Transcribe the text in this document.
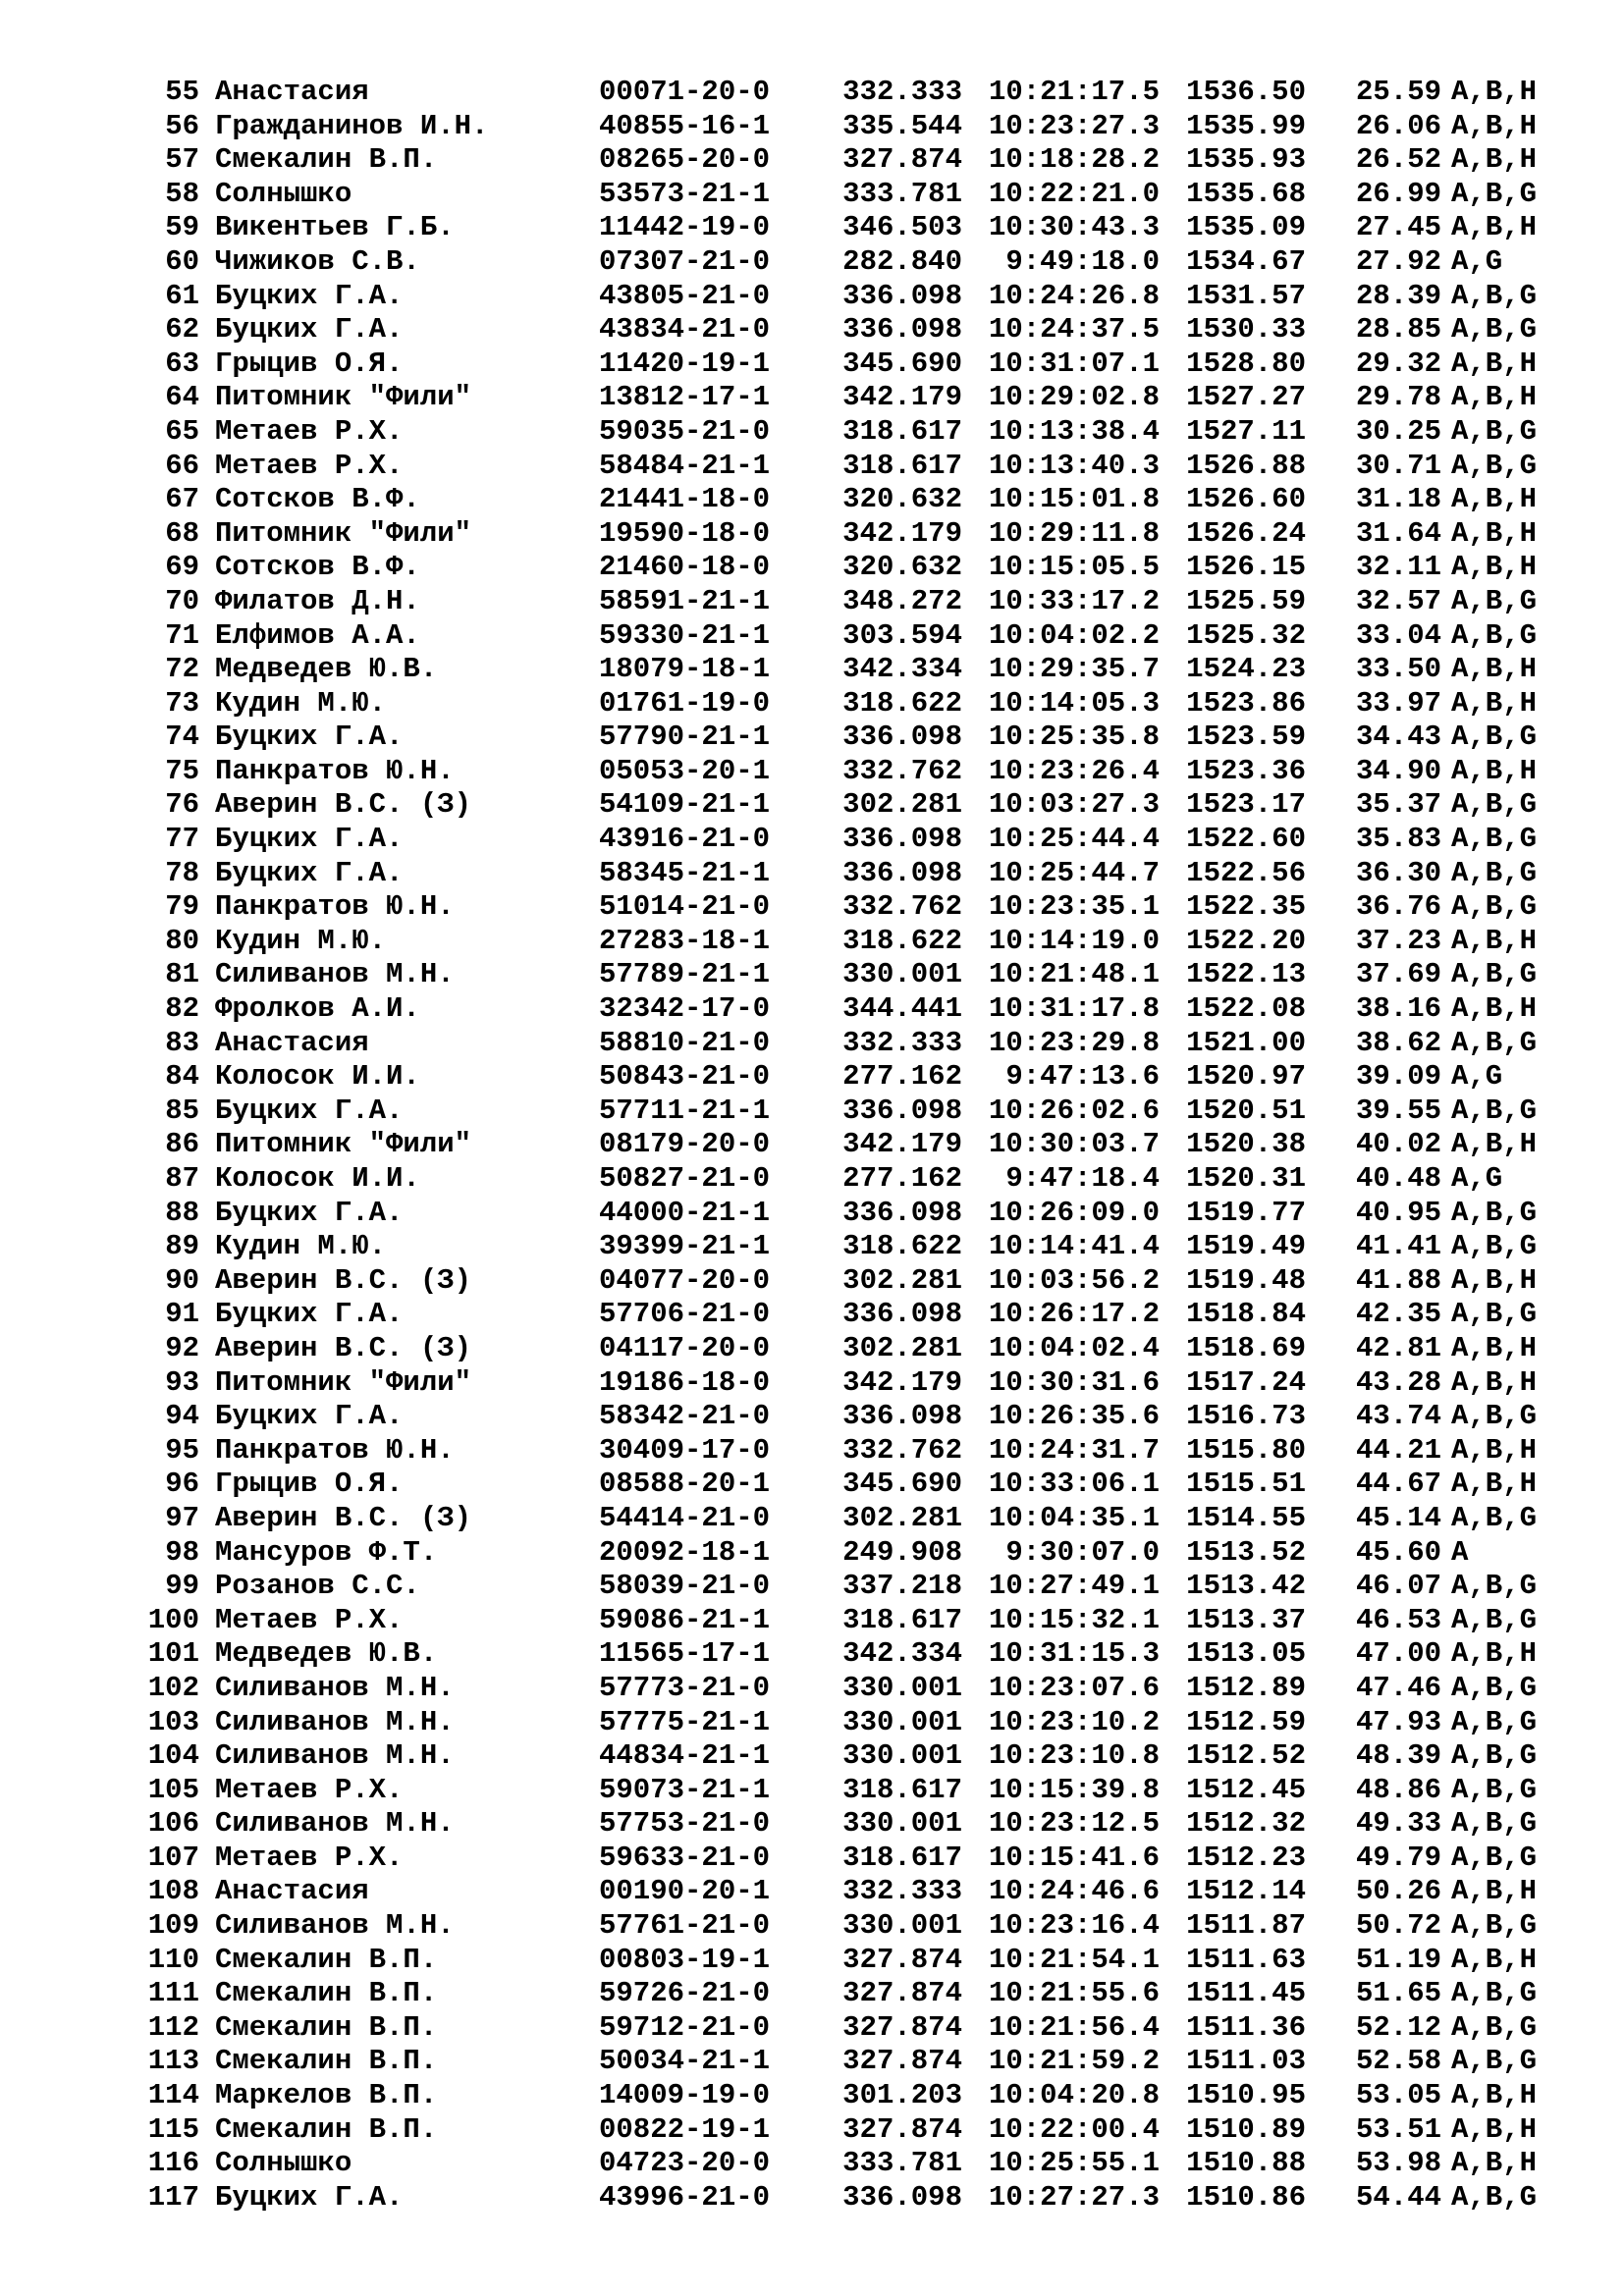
55 Анастасия	00071-20-0	332.333 10:21:17.5 1536.50 25.59 A,B,H
56 Гражданинов И.Н.	40855-16-1	335.544 10:23:27.3 1535.99 26.06 A,B,H
57 Смекалин В.П.	08265-20-0	327.874 10:18:28.2 1535.93 26.52 A,B,H
58 Солнышко	53573-21-1	333.781 10:22:21.0 1535.68 26.99 A,B,G
59 Викентьев Г.Б.	11442-19-0	346.503 10:30:43.3 1535.09 27.45 A,B,H
60 Чижиков С.В.	07307-21-0	282.840 9:49:18.0 1534.67 27.92 A,G
61 Буцких Г.А.	43805-21-0	336.098 10:24:26.8 1531.57 28.39 A,B,G
62 Буцких Г.А.	43834-21-0	336.098 10:24:37.5 1530.33 28.85 A,B,G
63 Грыцив О.Я.	11420-19-1	345.690 10:31:07.1 1528.80 29.32 A,B,H
64 Питомник "Фили"	13812-17-1	342.179 10:29:02.8 1527.27 29.78 A,B,H
65 Метаев Р.Х.	59035-21-0	318.617 10:13:38.4 1527.11 30.25 A,B,G
66 Метаев Р.Х.	58484-21-1	318.617 10:13:40.3 1526.88 30.71 A,B,G
67 Сотсков В.Ф.	21441-18-0	320.632 10:15:01.8 1526.60 31.18 A,B,H
68 Питомник "Фили"	19590-18-0	342.179 10:29:11.8 1526.24 31.64 A,B,H
69 Сотсков В.Ф.	21460-18-0	320.632 10:15:05.5 1526.15 32.11 A,B,H
70 Филатов Д.Н.	58591-21-1	348.272 10:33:17.2 1525.59 32.57 A,B,G
71 Елфимов А.А.	59330-21-1	303.594 10:04:02.2 1525.32 33.04 A,B,G
72 Медведев Ю.В.	18079-18-1	342.334 10:29:35.7 1524.23 33.50 A,B,H
73 Кудин М.Ю.	01761-19-0	318.622 10:14:05.3 1523.86 33.97 A,B,H
74 Буцких Г.А.	57790-21-1	336.098 10:25:35.8 1523.59 34.43 A,B,G
75 Панкратов Ю.Н.	05053-20-1	332.762 10:23:26.4 1523.36 34.90 A,B,H
76 Аверин В.С. (З)	54109-21-1	302.281 10:03:27.3 1523.17 35.37 A,B,G
77 Буцких Г.А.	43916-21-0	336.098 10:25:44.4 1522.60 35.83 A,B,G
78 Буцких Г.А.	58345-21-1	336.098 10:25:44.7 1522.56 36.30 A,B,G
79 Панкратов Ю.Н.	51014-21-0	332.762 10:23:35.1 1522.35 36.76 A,B,G
80 Кудин М.Ю.	27283-18-1	318.622 10:14:19.0 1522.20 37.23 A,B,H
81 Силиванов М.Н.	57789-21-1	330.001 10:21:48.1 1522.13 37.69 A,B,G
82 Фролков А.И.	32342-17-0	344.441 10:31:17.8 1522.08 38.16 A,B,H
83 Анастасия	58810-21-0	332.333 10:23:29.8 1521.00 38.62 A,B,G
84 Колосок И.И.	50843-21-0	277.162 9:47:13.6 1520.97 39.09 A,G
85 Буцких Г.А.	57711-21-1	336.098 10:26:02.6 1520.51 39.55 A,B,G
86 Питомник "Фили"	08179-20-0	342.179 10:30:03.7 1520.38 40.02 A,B,H
87 Колосок И.И.	50827-21-0	277.162 9:47:18.4 1520.31 40.48 A,G
88 Буцких Г.А.	44000-21-1	336.098 10:26:09.0 1519.77 40.95 A,B,G
89 Кудин М.Ю.	39399-21-1	318.622 10:14:41.4 1519.49 41.41 A,B,G
90 Аверин В.С. (З)	04077-20-0	302.281 10:03:56.2 1519.48 41.88 A,B,H
91 Буцких Г.А.	57706-21-0	336.098 10:26:17.2 1518.84 42.35 A,B,G
92 Аверин В.С. (З)	04117-20-0	302.281 10:04:02.4 1518.69 42.81 A,B,H
93 Питомник "Фили"	19186-18-0	342.179 10:30:31.6 1517.24 43.28 A,B,H
94 Буцких Г.А.	58342-21-0	336.098 10:26:35.6 1516.73 43.74 A,B,G
95 Панкратов Ю.Н.	30409-17-0	332.762 10:24:31.7 1515.80 44.21 A,B,H
96 Грыцив О.Я.	08588-20-1	345.690 10:33:06.1 1515.51 44.67 A,B,H
97 Аверин В.С. (З)	54414-21-0	302.281 10:04:35.1 1514.55 45.14 A,B,G
98 Мансуров Ф.Т.	20092-18-1	249.908 9:30:07.0 1513.52 45.60 A
99 Розанов С.С.	58039-21-0	337.218 10:27:49.1 1513.42 46.07 A,B,G
100 Метаев Р.Х.	59086-21-1	318.617 10:15:32.1 1513.37 46.53 A,B,G
101 Медведев Ю.В.	11565-17-1	342.334 10:31:15.3 1513.05 47.00 A,B,H
102 Силиванов М.Н.	57773-21-0	330.001 10:23:07.6 1512.89 47.46 A,B,G
103 Силиванов М.Н.	57775-21-1	330.001 10:23:10.2 1512.59 47.93 A,B,G
104 Силиванов М.Н.	44834-21-1	330.001 10:23:10.8 1512.52 48.39 A,B,G
105 Метаев Р.Х.	59073-21-1	318.617 10:15:39.8 1512.45 48.86 A,B,G
106 Силиванов М.Н.	57753-21-0	330.001 10:23:12.5 1512.32 49.33 A,B,G
107 Метаев Р.Х.	59633-21-0	318.617 10:15:41.6 1512.23 49.79 A,B,G
108 Анастасия	00190-20-1	332.333 10:24:46.6 1512.14 50.26 A,B,H
109 Силиванов М.Н.	57761-21-0	330.001 10:23:16.4 1511.87 50.72 A,B,G
110 Смекалин В.П.	00803-19-1	327.874 10:21:54.1 1511.63 51.19 A,B,H
111 Смекалин В.П.	59726-21-0	327.874 10:21:55.6 1511.45 51.65 A,B,G
112 Смекалин В.П.	59712-21-0	327.874 10:21:56.4 1511.36 52.12 A,B,G
113 Смекалин В.П.	50034-21-1	327.874 10:21:59.2 1511.03 52.58 A,B,G
114 Маркелов В.П.	14009-19-0	301.203 10:04:20.8 1510.95 53.05 A,B,H
115 Смекалин В.П.	00822-19-1	327.874 10:22:00.4 1510.89 53.51 A,B,H
116 Солнышко	04723-20-0	333.781 10:25:55.1 1510.88 53.98 A,B,H
117 Буцких Г.А.	43996-21-0	336.098 10:27:27.3 1510.86 54.44 A,B,G
